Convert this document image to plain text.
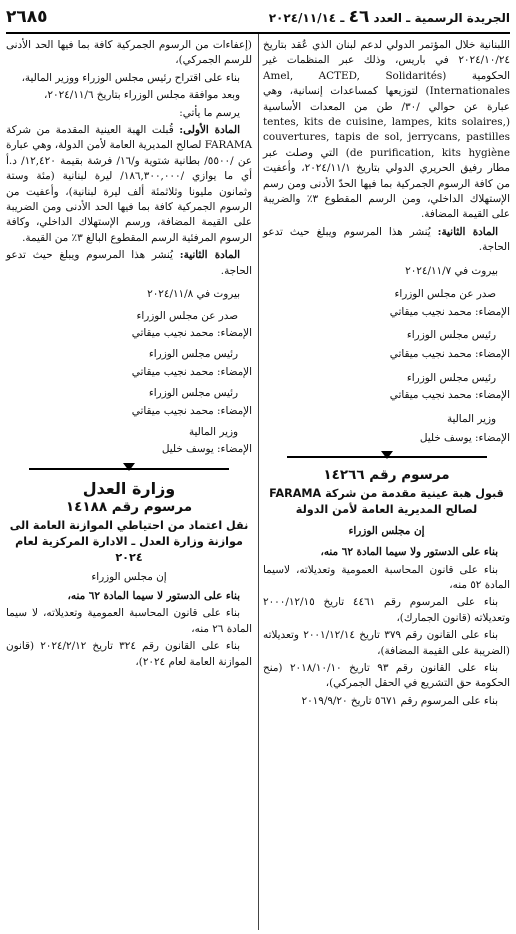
٢٦٨٥	الجريدة الرسمية ـ العدد ٤٦ ـ ٢٠٢٤/١١/١٤

اللبنانية خلال المؤتمر الدولي لدعم لبنان الذي عُقد بتاريخ ٢٠٢٤/١٠/٢٤ في باريس، وذلك عبر المنظمات غير الحكومية (Amel, ACTED, Solidarités Internationales) لتوزيعها كمساعدات إنسانية، وهي عبارة عن حوالي /٣٠/ طن من المعدات الأساسية (tentes, kits de cuisine, lampes, kits solaires, couvertures, tapis de sol, jerrycans, pastilles de purification, kits hygiène) التي وصلت عبر مطار رفيق الحريري الدولي بتاريخ ٢٠٢٤/١١/١، وأعفيت من كافة الرسوم الجمركية بما فيها الحدّ الأدنى ومن رسم الإستهلاك الداخلي، ومن الرسم المقطوع ٣٪ والضريبة على القيمة المضافة.

المادة الثانية: يُنشر هذا المرسوم ويبلغ حيث تدعو الحاجة.

بيروت في ٢٠٢٤/١١/٧

صدر عن مجلس الوزراء

الإمضاء: محمد نجيب ميقاتي

رئيس مجلس الوزراء

الإمضاء: محمد نجيب ميقاتي

رئيس مجلس الوزراء

الإمضاء: محمد نجيب ميقاتي

وزير المالية

الإمضاء: يوسف خليل

مرسوم رقم ١٤٢٦٦

قبول هبة عينية مقدمة من شركة FARAMA لصالح المديرية العامة لأمن الدولة

إن مجلس الوزراء

بناء على الدستور ولا سيما المادة ٦٢ منه،

بناء على قانون المحاسبة العمومية وتعديلاته، لاسيما المادة ٥٢ منه،

بناء على المرسوم رقم ٤٤٦١ تاريخ ٢٠٠٠/١٢/١٥ وتعديلاته (قانون الجمارك)،

بناء على القانون رقم ٣٧٩ تاريخ ٢٠٠١/١٢/١٤ وتعديلاته (الضريبة على القيمة المضافة)،

بناء على القانون رقم ٩٣ تاريخ ٢٠١٨/١٠/١٠ (منح الحكومة حق التشريع في الحقل الجمركي)،

بناء على المرسوم رقم ٥٦٧١ تاريخ ٢٠١٩/٩/٢٠

(إعفاءات من الرسوم الجمركية كافة بما فيها الحد الأدنى للرسم الجمركي)،

بناء على اقتراح رئيس مجلس الوزراء ووزير المالية،

وبعد موافقة مجلس الوزراء بتاريخ ٢٠٢٤/١١/٦،

يرسم ما يأتي:

المادة الأولى: قُبلت الهبة العينية المقدمة من شركة FARAMA لصالح المديرية العامة لأمن الدولة، وهي عبارة عن /٥٥٠٠/ بطانية شتوية و/١٦/ فرشة بقيمة ١٢,٤٢٠/ د.أ أي ما يوازي /١٨٦,٣٠٠,٠٠٠/ ليرة لبنانية (مئة وستة وثمانون مليونا وثلاثمئة ألف ليرة لبنانية)، وأعفيت من الرسوم الجمركية كافة بما فيها الحد الأدنى ومن الضريبة على القيمة المضافة، ورسم الإستهلاك الداخلي، وكافة الرسوم المرفئية الرسم المقطوع البالغ ٣٪ من القيمة.

المادة الثانية: يُنشر هذا المرسوم ويبلغ حيث تدعو الحاجة.

بيروت في ٢٠٢٤/١١/٨

صدر عن مجلس الوزراء

الإمضاء: محمد نجيب ميقاتي

رئيس مجلس الوزراء

الإمضاء: محمد نجيب ميقاتي

رئيس مجلس الوزراء

الإمضاء: محمد نجيب ميقاتي

وزير المالية

الإمضاء: يوسف خليل

وزارة العدل

مرسوم رقم ١٤١٨٨

نقل اعتماد من احتياطي الموازنة العامة الى موازنة وزارة العدل ـ الادارة المركزية لعام ٢٠٢٤

إن مجلس الوزراء

بناء على الدستور لا سيما المادة ٦٢ منه،

بناء على قانون المحاسبة العمومية وتعديلاته، لا سيما المادة ٢٦ منه،

بناء على القانون رقم ٣٢٤ تاريخ ٢٠٢٤/٢/١٢ (قانون الموازنة العامة لعام ٢٠٢٤)،
